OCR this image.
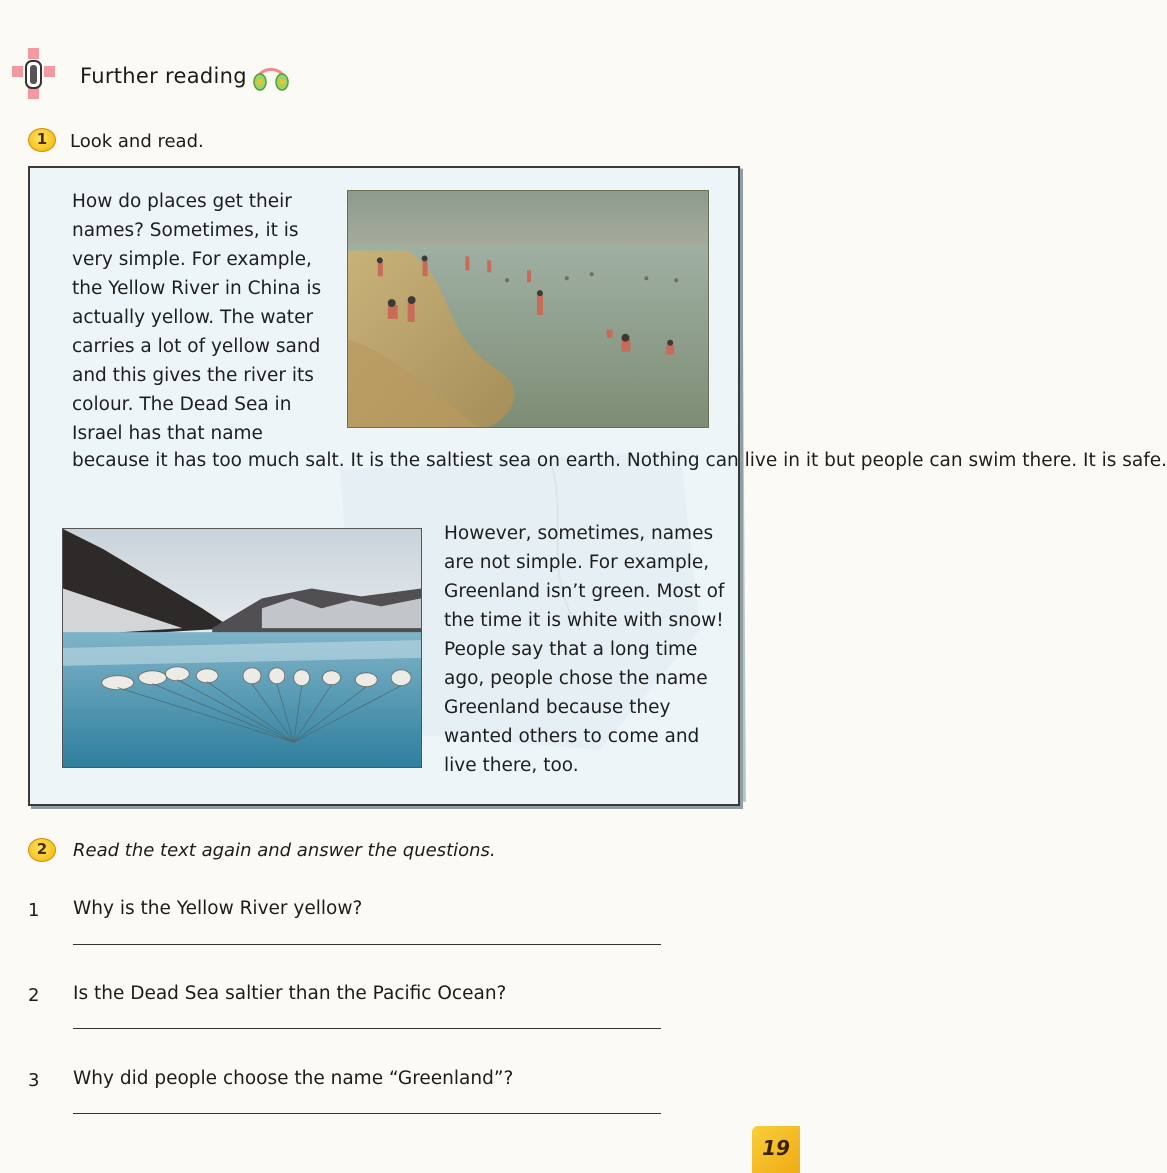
Further reading
1	Look and read.
How do places get their names? Sometimes, it is very simple. For example, the Yellow River in China is actually yellow. The water carries a lot of yellow sand and this gives the river its colour. The Dead Sea in Israel has that name
because it has too much salt. It is the saltiest sea on earth. Nothing can live in it but people can swim there. It is safe.
However, sometimes, names are not simple. For example, Greenland isn’t green. Most of the time it is white with snow! People say that a long time ago, people chose the name Greenland because they wanted others to come and live there, too.
2	Read the text again and answer the questions.
1 Why is the Yellow River yellow?
2 Is the Dead Sea saltier than the Pacific Ocean?
3 Why did people choose the name “Greenland”?
19
